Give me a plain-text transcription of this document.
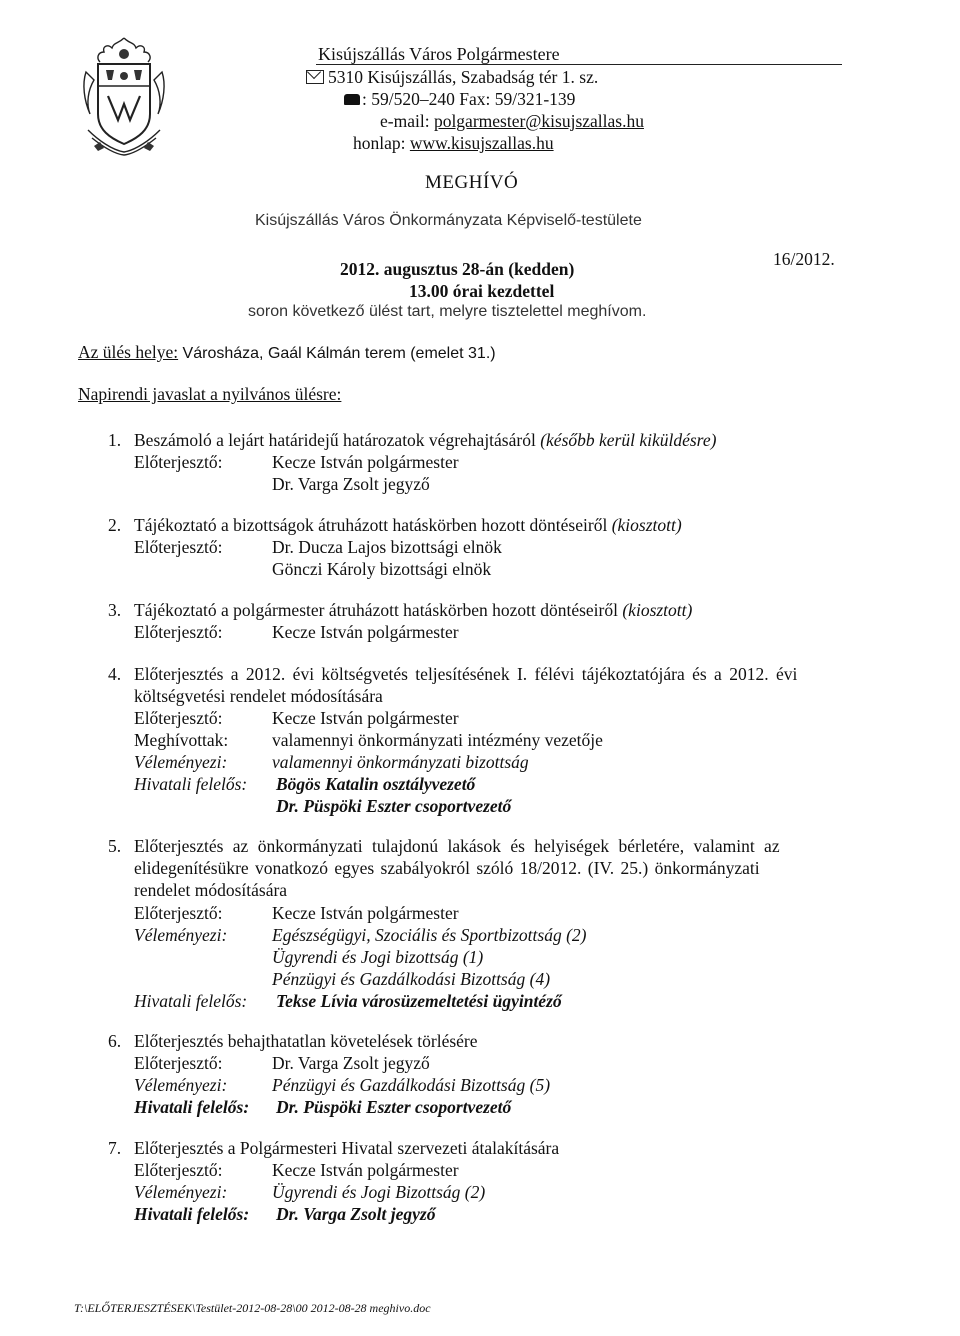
Kisújszállás Város Polgármestere
5310 Kisújszállás, Szabadság tér 1. sz.
: 59/520–240 Fax: 59/321-139
e-mail: polgarmester@kisujszallas.hu
honlap: www.kisujszallas.hu
16/2012.
MEGHÍVÓ
Kisújszállás Város Önkormányzata Képviselő-testülete
2012. augusztus 28-án (kedden)
13.00 órai kezdettel
soron következő ülést tart, melyre tisztelettel meghívom.
Az ülés helye: Városháza, Gaál Kálmán terem (emelet 31.)
Napirendi javaslat a nyilvános ülésre:
1. Beszámoló a lejárt határidejű határozatok végrehajtásáról (később kerül kiküldésre)
Előterjesztő:	Kecze István polgármester
Dr. Varga Zsolt jegyző
2. Tájékoztató a bizottságok átruházott hatáskörben hozott döntéseiről (kiosztott)
Előterjesztő:	Dr. Ducza Lajos bizottsági elnök
Gönczi Károly bizottsági elnök
3. Tájékoztató a polgármester átruházott hatáskörben hozott döntéseiről (kiosztott)
Előterjesztő:	Kecze István polgármester
4. Előterjesztés a 2012. évi költségvetés teljesítésének I. félévi tájékoztatójára és a 2012. évi
költségvetési rendelet módosítására
Előterjesztő:	Kecze István polgármester
Meghívottak: valamennyi önkormányzati intézmény vezetője
Véleményezi:	valamennyi önkormányzati bizottság
Hivatali felelős: Bögös Katalin osztályvezető
Dr. Püspöki Eszter csoportvezető
5. Előterjesztés az önkormányzati tulajdonú lakások és helyiségek bérletére, valamint az
elidegenítésükre vonatkozó egyes szabályokról szóló 18/2012. (IV. 25.) önkormányzati
rendelet módosítására
Előterjesztő:	Kecze István polgármester
Véleményezi:	Egészségügyi, Szociális és Sportbizottság (2)
Ügyrendi és Jogi bizottság (1)
Pénzügyi és Gazdálkodási Bizottság (4)
Hivatali felelős: Tekse Lívia városüzemeltetési ügyintéző
6. Előterjesztés behajthatatlan követelések törlésére
Előterjesztő:	Dr. Varga Zsolt jegyző
Véleményezi:	Pénzügyi és Gazdálkodási Bizottság (5)
Hivatali felelős: Dr. Püspöki Eszter csoportvezető
7. Előterjesztés a Polgármesteri Hivatal szervezeti átalakítására
Előterjesztő:	Kecze István polgármester
Véleményezi:	Ügyrendi és Jogi Bizottság (2)
Hivatali felelős: Dr. Varga Zsolt jegyző
T:\ELŐTERJESZTÉSEK\Testület-2012-08-28\00 2012-08-28 meghivo.doc
